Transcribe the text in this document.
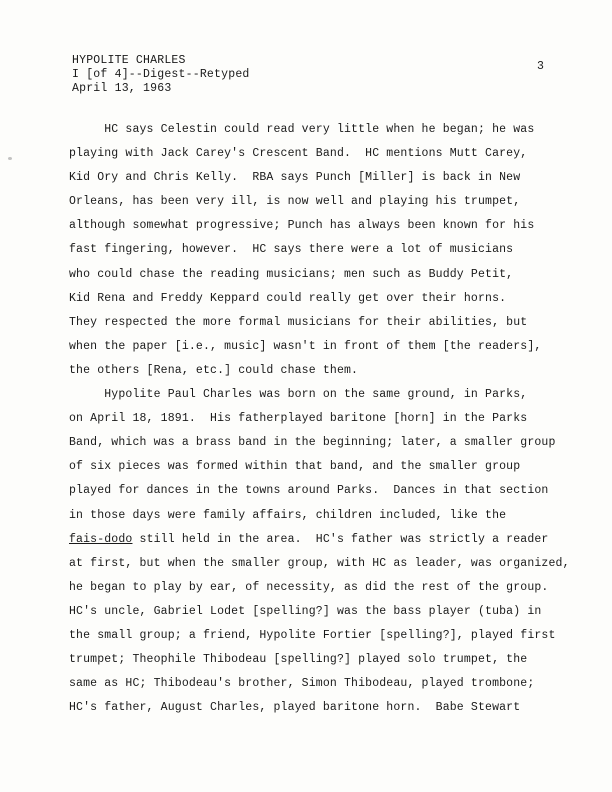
HYPOLITE CHARLES
I [of 4]--Digest--Retyped
April 13, 1963
3
HC says Celestin could read very little when he began; he was
playing with Jack Carey's Crescent Band.  HC mentions Mutt Carey,
Kid Ory and Chris Kelly.  RBA says Punch [Miller] is back in New
Orleans, has been very ill, is now well and playing his trumpet,
although somewhat progressive; Punch has always been known for his
fast fingering, however.  HC says there were a lot of musicians
who could chase the reading musicians; men such as Buddy Petit,
Kid Rena and Freddy Keppard could really get over their horns.
They respected the more formal musicians for their abilities, but
when the paper [i.e., music] wasn't in front of them [the readers],
the others [Rena, etc.] could chase them.
Hypolite Paul Charles was born on the same ground, in Parks,
on April 18, 1891.  His fatherplayed baritone [horn] in the Parks
Band, which was a brass band in the beginning; later, a smaller group
of six pieces was formed within that band, and the smaller group
played for dances in the towns around Parks.  Dances in that section
in those days were family affairs, children included, like the
fais-dodo still held in the area.  HC's father was strictly a reader
at first, but when the smaller group, with HC as leader, was organized,
he began to play by ear, of necessity, as did the rest of the group.
HC's uncle, Gabriel Lodet [spelling?] was the bass player (tuba) in
the small group; a friend, Hypolite Fortier [spelling?], played first
trumpet; Theophile Thibodeau [spelling?] played solo trumpet, the
same as HC; Thibodeau's brother, Simon Thibodeau, played trombone;
HC's father, August Charles, played baritone horn.  Babe Stewart
